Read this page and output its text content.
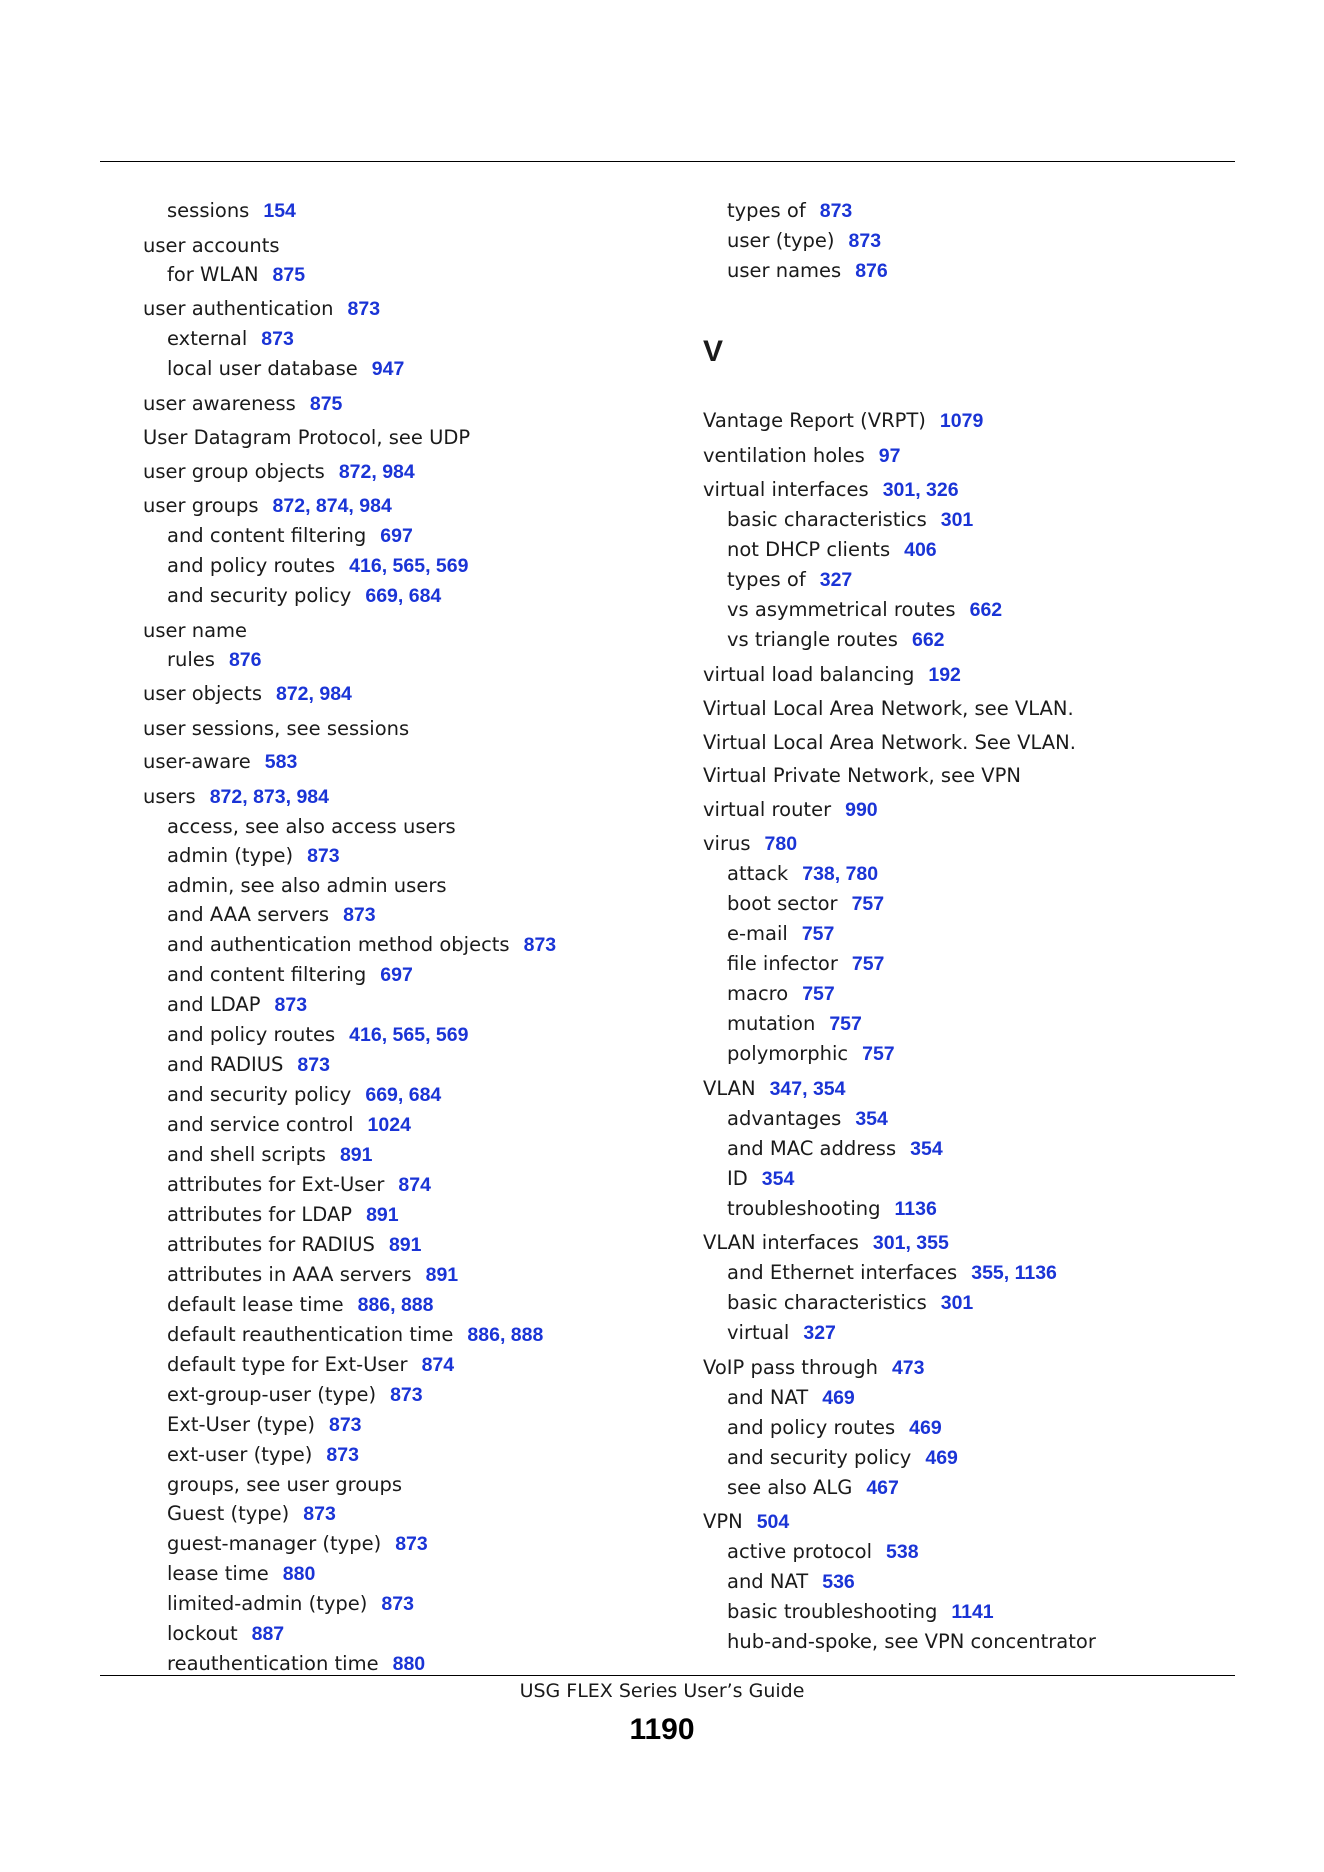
sessions 154
user accounts
for WLAN 875
user authentication 873
external 873
local user database 947
user awareness 875
User Datagram Protocol, see UDP
user group objects 872, 984
user groups 872, 874, 984
and content filtering 697
and policy routes 416, 565, 569
and security policy 669, 684
user name
rules 876
user objects 872, 984
user sessions, see sessions
user-aware 583
users 872, 873, 984
access, see also access users
admin (type) 873
admin, see also admin users
and AAA servers 873
and authentication method objects 873
and content filtering 697
and LDAP 873
and policy routes 416, 565, 569
and RADIUS 873
and security policy 669, 684
and service control 1024
and shell scripts 891
attributes for Ext-User 874
attributes for LDAP 891
attributes for RADIUS 891
attributes in AAA servers 891
default lease time 886, 888
default reauthentication time 886, 888
default type for Ext-User 874
ext-group-user (type) 873
Ext-User (type) 873
ext-user (type) 873
groups, see user groups
Guest (type) 873
guest-manager (type) 873
lease time 880
limited-admin (type) 873
lockout 887
reauthentication time 880
types of 873
user (type) 873
user names 876
V
Vantage Report (VRPT) 1079
ventilation holes 97
virtual interfaces 301, 326
basic characteristics 301
not DHCP clients 406
types of 327
vs asymmetrical routes 662
vs triangle routes 662
virtual load balancing 192
Virtual Local Area Network, see VLAN.
Virtual Local Area Network. See VLAN.
Virtual Private Network, see VPN
virtual router 990
virus 780
attack 738, 780
boot sector 757
e-mail 757
file infector 757
macro 757
mutation 757
polymorphic 757
VLAN 347, 354
advantages 354
and MAC address 354
ID 354
troubleshooting 1136
VLAN interfaces 301, 355
and Ethernet interfaces 355, 1136
basic characteristics 301
virtual 327
VoIP pass through 473
and NAT 469
and policy routes 469
and security policy 469
see also ALG 467
VPN 504
active protocol 538
and NAT 536
basic troubleshooting 1141
hub-and-spoke, see VPN concentrator
USG FLEX Series User’s Guide
1190
